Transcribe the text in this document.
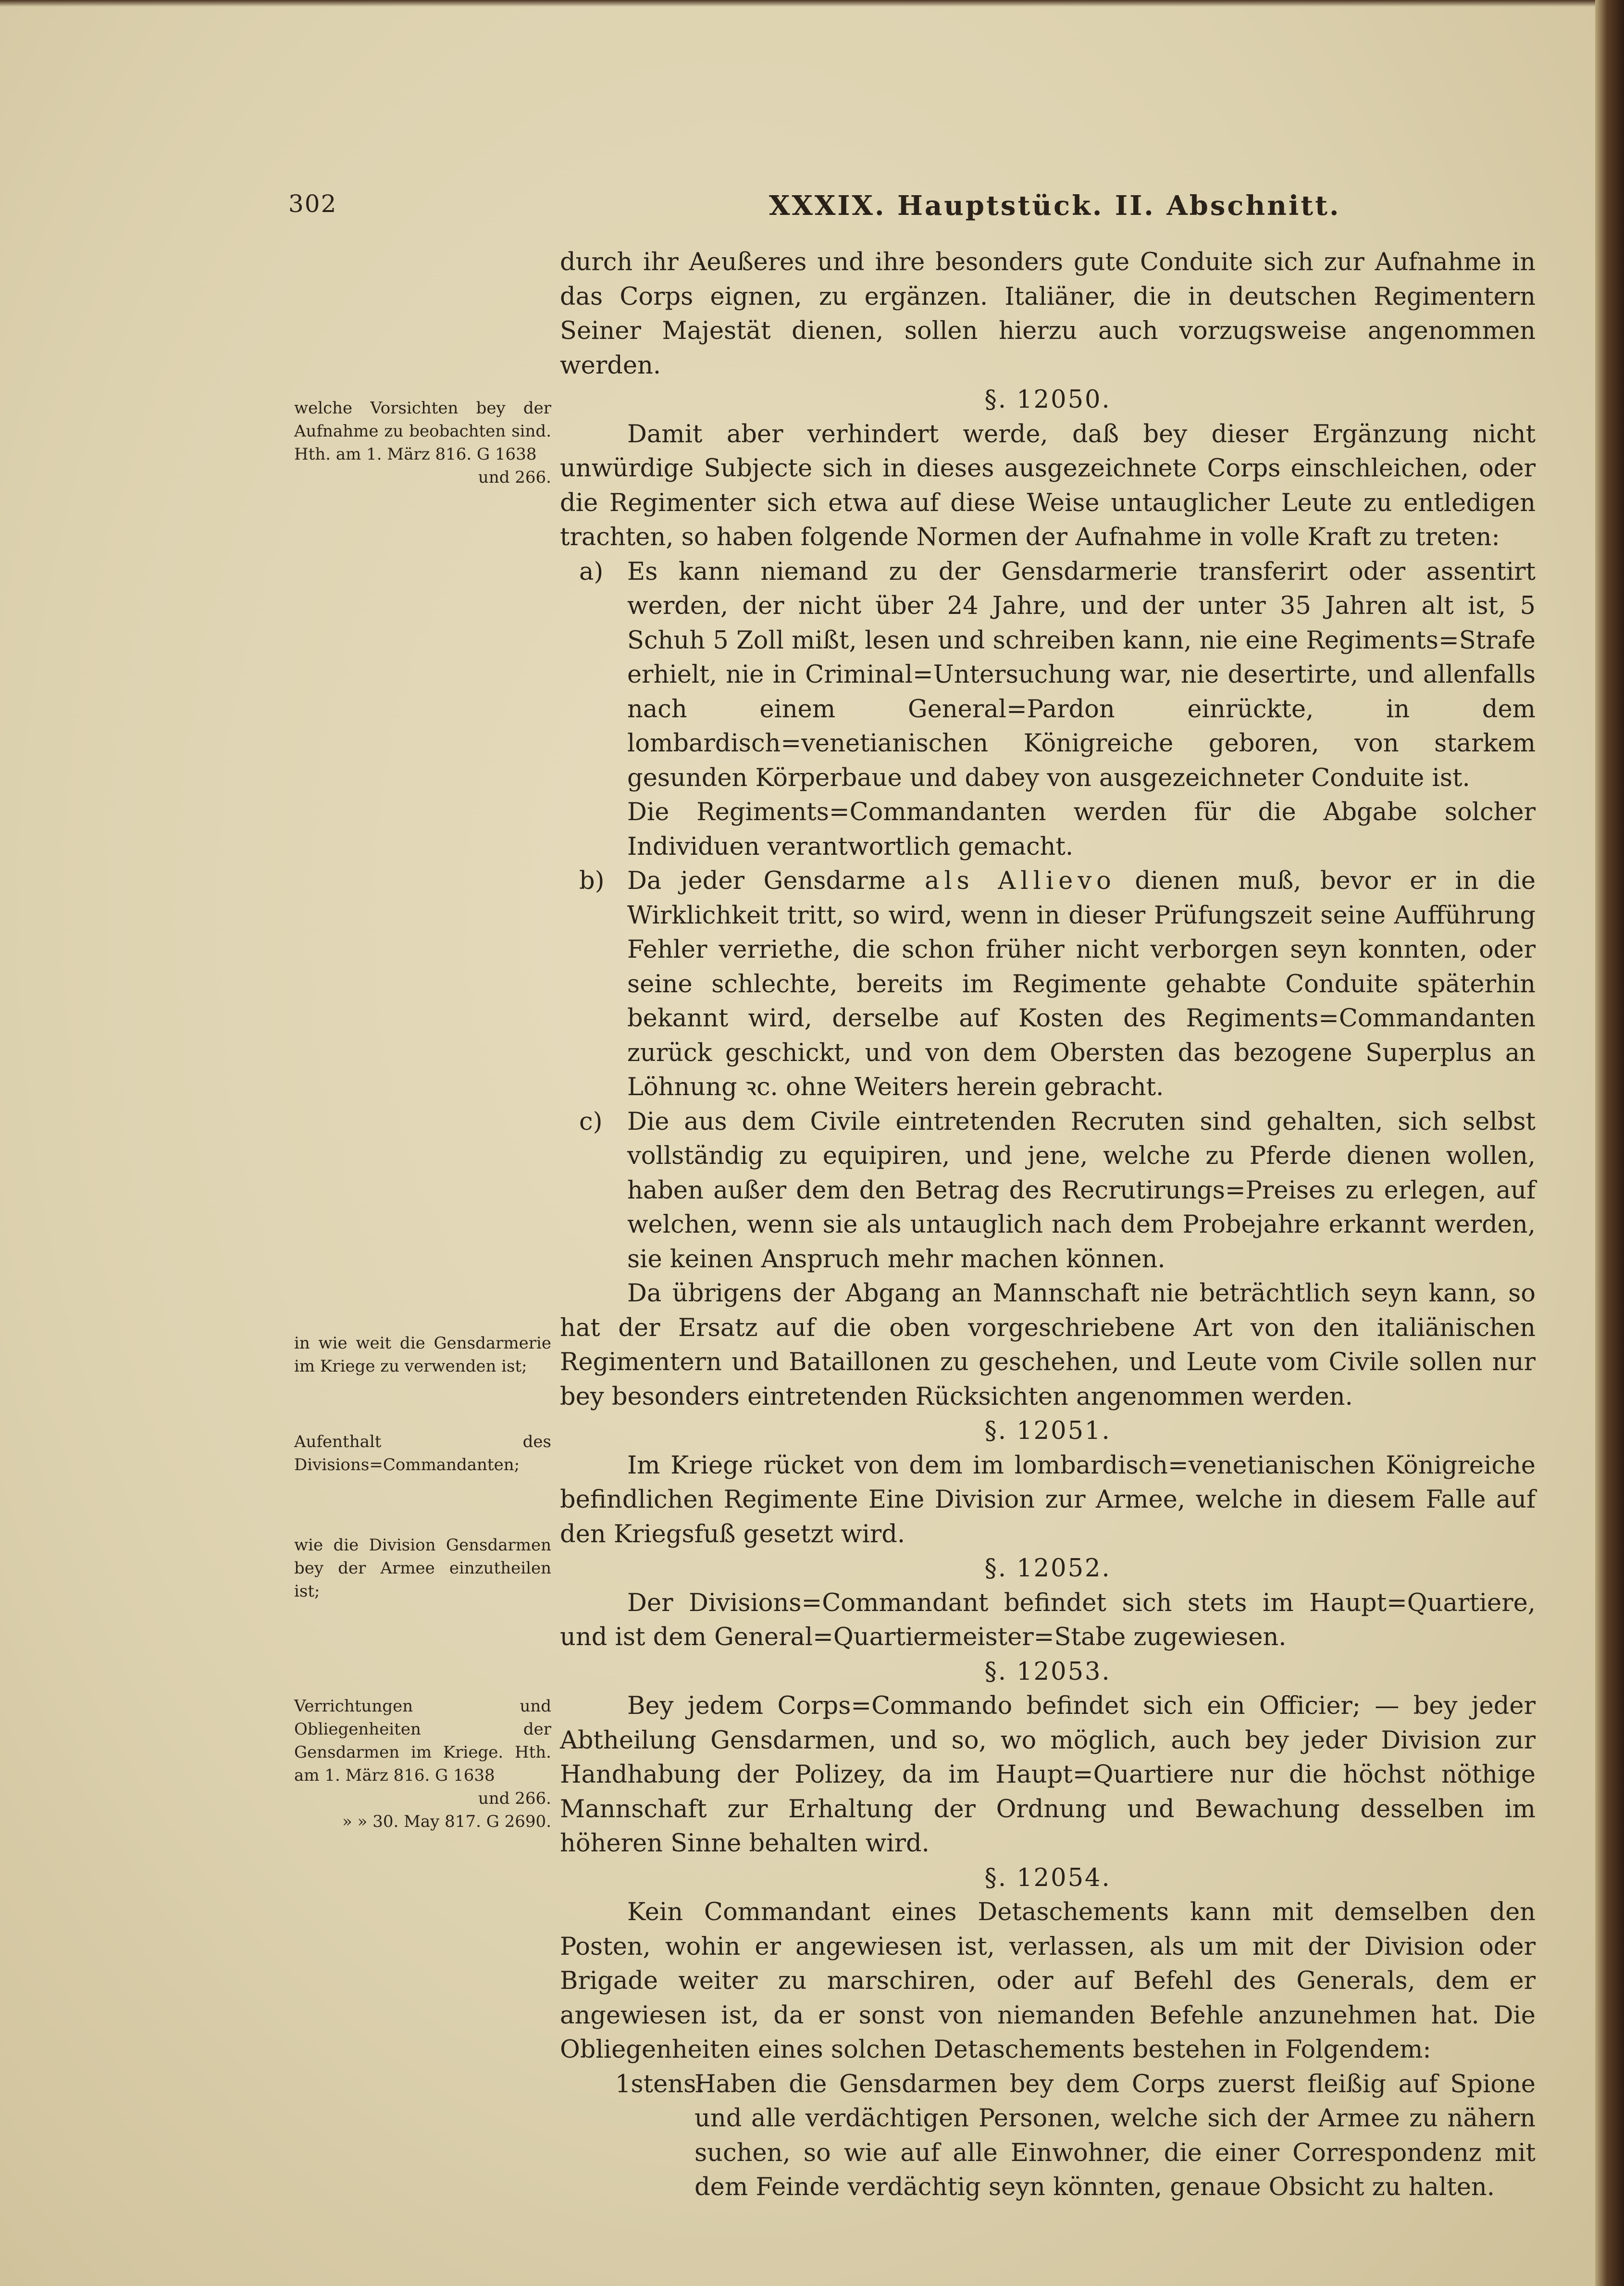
302	XXXIX. Hauptstück. II. Abschnitt.
welche Vorsichten bey der Aufnahme zu beobachten sind. Hth. am 1. März 816. G 1638
und 266.
in wie weit die Gensdarmerie im Kriege zu verwenden ist;
Aufenthalt des Divisions=Commandanten;
wie die Division Gensdarmen bey der Armee einzutheilen ist;
Verrichtungen und Obliegenheiten der Gensdarmen im Kriege. Hth. am 1. März 816. G 1638
und 266.
» » 30. May 817. G 2690.

durch ihr Aeußeres und ihre besonders gute Conduite sich zur Aufnahme in das Corps eignen, zu ergänzen. Italiäner, die in deutschen Regimentern Seiner Majestät dienen, sollen hierzu auch vorzugsweise angenommen werden.

§. 12050.

Damit aber verhindert werde, daß bey dieser Ergänzung nicht unwürdige Subjecte sich in dieses ausgezeichnete Corps einschleichen, oder die Regimenter sich etwa auf diese Weise untauglicher Leute zu entledigen trachten, so haben folgende Normen der Aufnahme in volle Kraft zu treten:

a) Es kann niemand zu der Gensdarmerie transferirt oder assentirt werden, der nicht über 24 Jahre, und der unter 35 Jahren alt ist, 5 Schuh 5 Zoll mißt, lesen und schreiben kann, nie eine Regiments=Strafe erhielt, nie in Criminal=Untersuchung war, nie desertirte, und allenfalls nach einem General=Pardon einrückte, in dem lombardisch=venetianischen Königreiche geboren, von starkem gesunden Körperbaue und dabey von ausgezeichneter Conduite ist.

Die Regiments=Commandanten werden für die Abgabe solcher Individuen verantwortlich gemacht.

b) Da jeder Gensdarme als Allievo dienen muß, bevor er in die Wirklichkeit tritt, so wird, wenn in dieser Prüfungszeit seine Aufführung Fehler verriethe, die schon früher nicht verborgen seyn konnten, oder seine schlechte, bereits im Regimente gehabte Conduite späterhin bekannt wird, derselbe auf Kosten des Regiments=Commandanten zurück geschickt, und von dem Obersten das bezogene Superplus an Löhnung ꝛc. ohne Weiters herein gebracht.

c) Die aus dem Civile eintretenden Recruten sind gehalten, sich selbst vollständig zu equipiren, und jene, welche zu Pferde dienen wollen, haben außer dem den Betrag des Recrutirungs=Preises zu erlegen, auf welchen, wenn sie als untauglich nach dem Probejahre erkannt werden, sie keinen Anspruch mehr machen können.

Da übrigens der Abgang an Mannschaft nie beträchtlich seyn kann, so hat der Ersatz auf die oben vorgeschriebene Art von den italiänischen Regimentern und Bataillonen zu geschehen, und Leute vom Civile sollen nur bey besonders eintretenden Rücksichten angenommen werden.

§. 12051.

Im Kriege rücket von dem im lombardisch=venetianischen Königreiche befindlichen Regimente Eine Division zur Armee, welche in diesem Falle auf den Kriegsfuß gesetzt wird.

§. 12052.

Der Divisions=Commandant befindet sich stets im Haupt=Quartiere, und ist dem General=Quartiermeister=Stabe zugewiesen.

§. 12053.

Bey jedem Corps=Commando befindet sich ein Officier; — bey jeder Abtheilung Gensdarmen, und so, wo möglich, auch bey jeder Division zur Handhabung der Polizey, da im Haupt=Quartiere nur die höchst nöthige Mannschaft zur Erhaltung der Ordnung und Bewachung desselben im höheren Sinne behalten wird.

§. 12054.

Kein Commandant eines Detaschements kann mit demselben den Posten, wohin er angewiesen ist, verlassen, als um mit der Division oder Brigade weiter zu marschiren, oder auf Befehl des Generals, dem er angewiesen ist, da er sonst von niemanden Befehle anzunehmen hat. Die Obliegenheiten eines solchen Detaschements bestehen in Folgendem:

1stens:

Haben die Gensdarmen bey dem Corps zuerst fleißig auf Spione und alle verdächtigen Personen, welche sich der Armee zu nähern suchen, so wie auf alle Einwohner, die einer Correspondenz mit dem Feinde verdächtig seyn könnten, genaue Obsicht zu halten.
